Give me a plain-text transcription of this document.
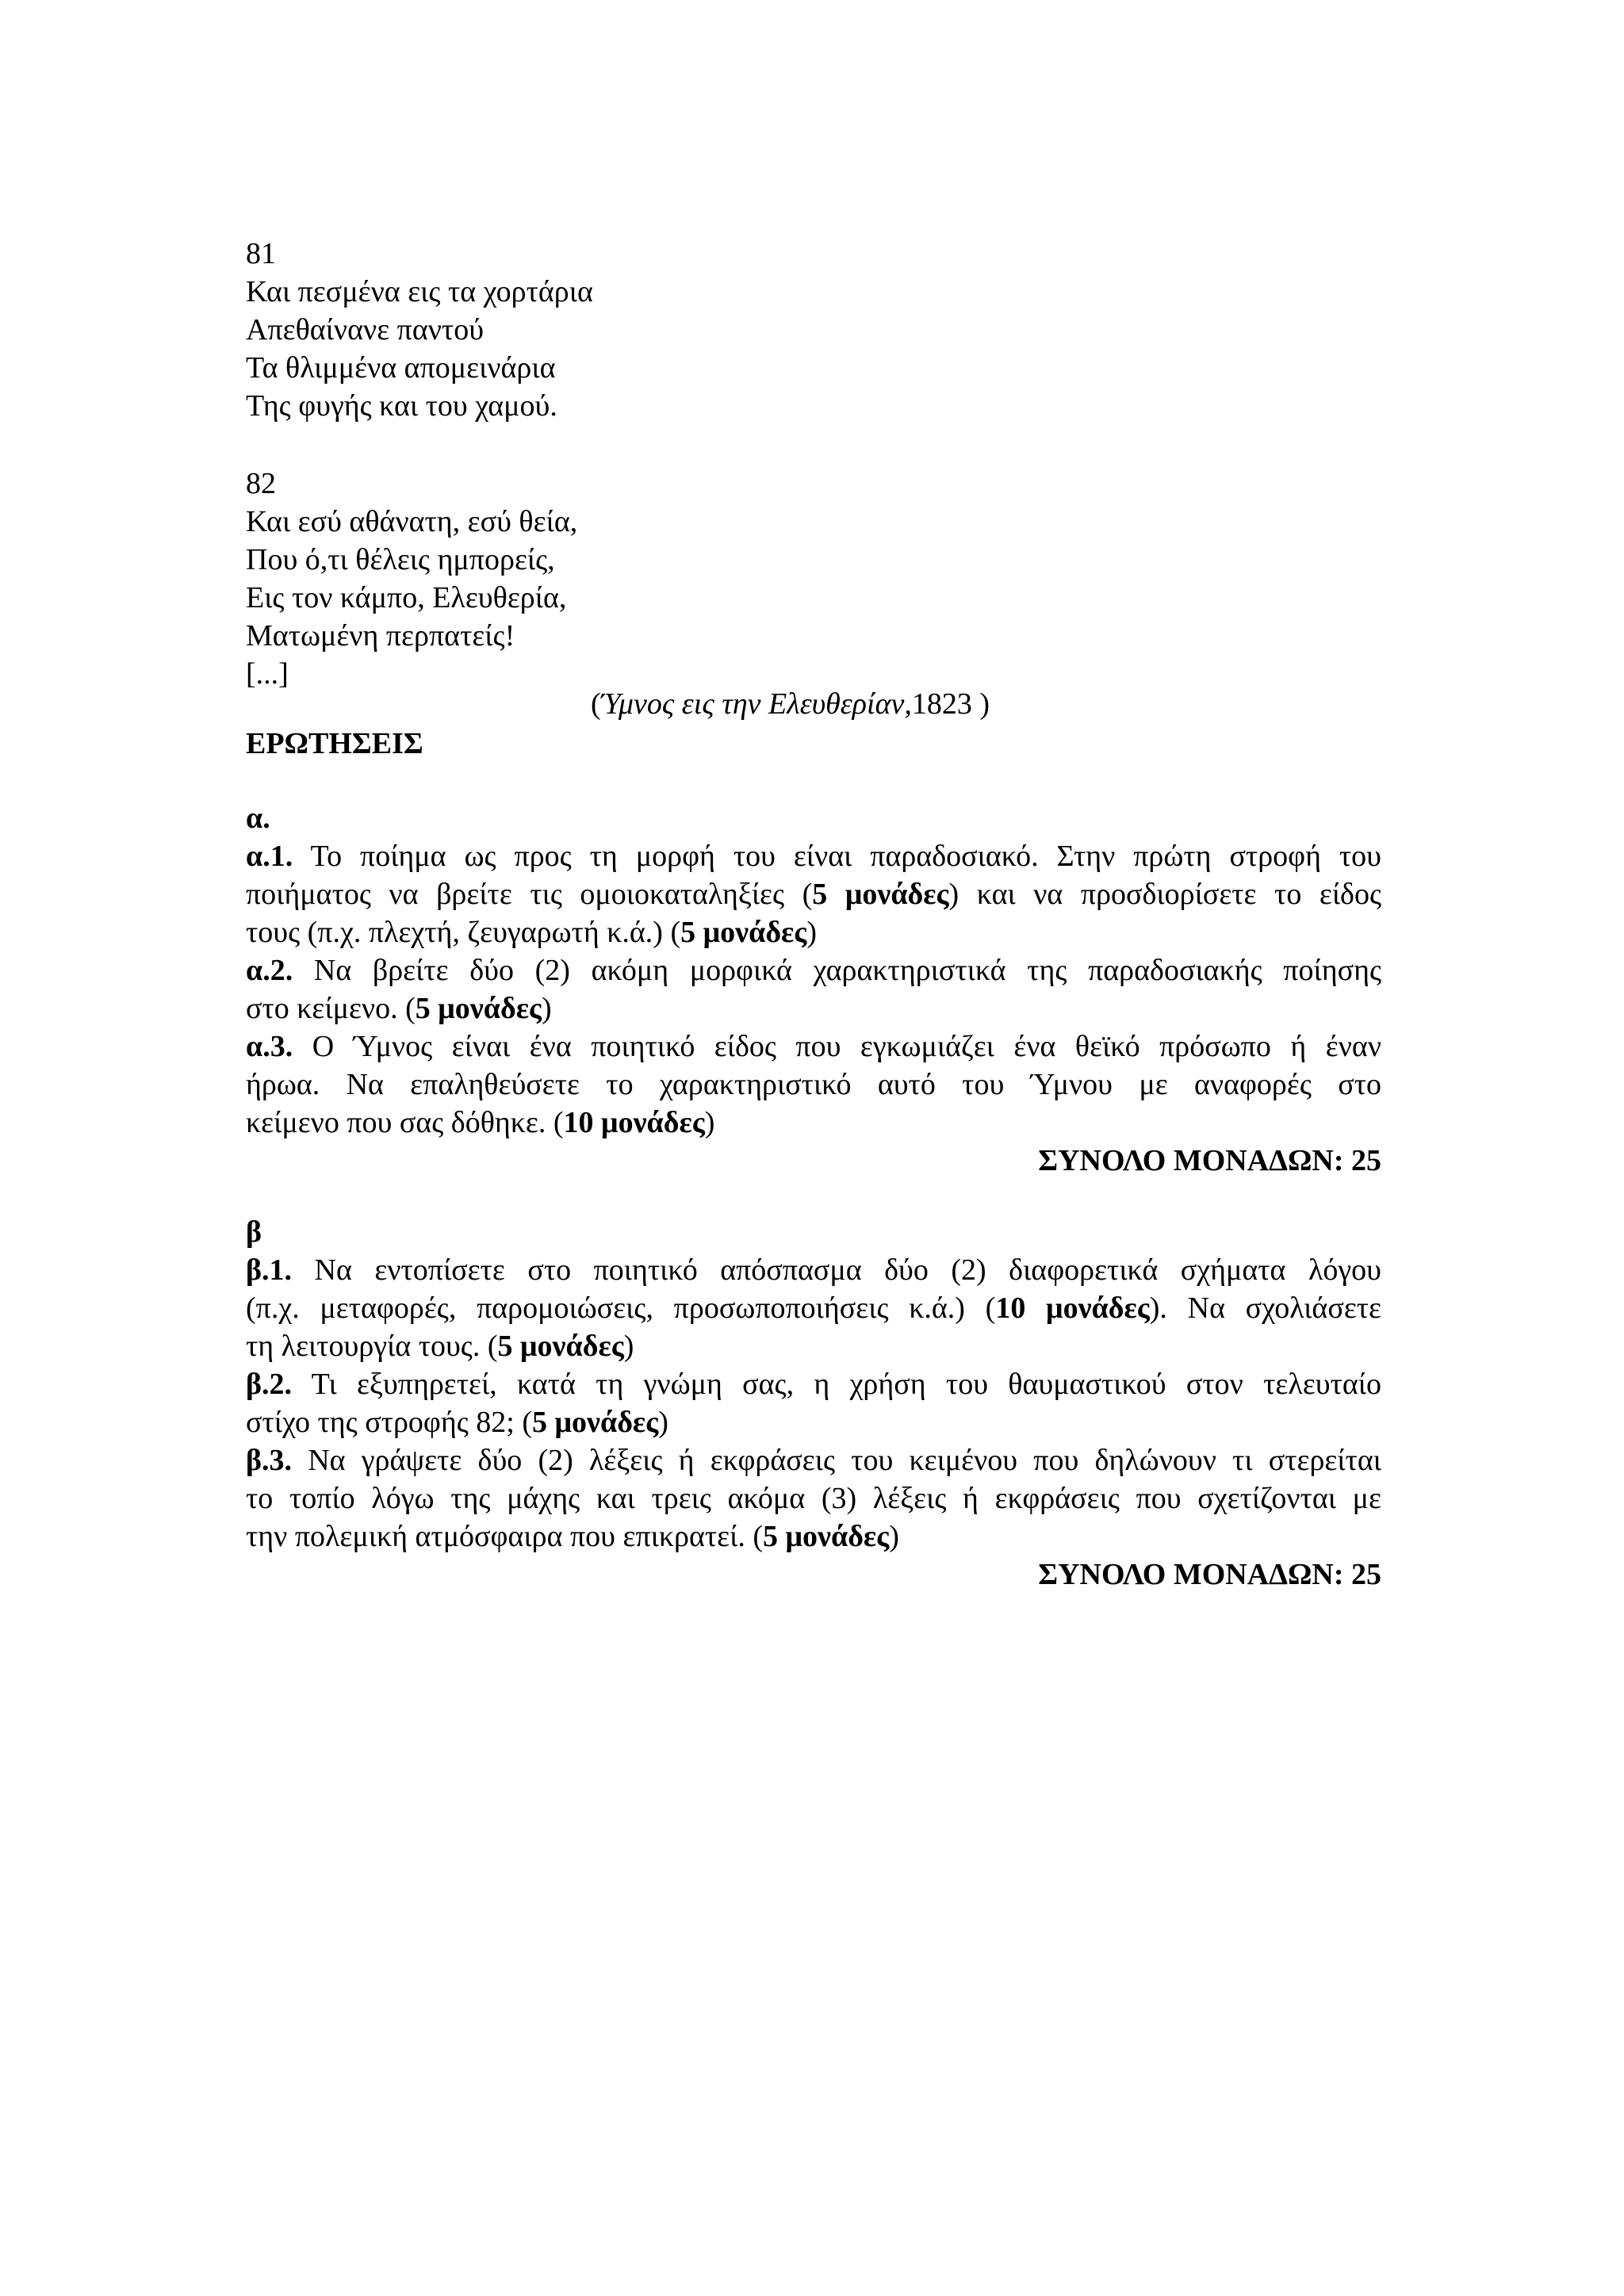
81
Και πεσμένα εις τα χορτάρια
Απεθαίνανε παντού
Τα θλιμμένα απομεινάρια
Της φυγής και του χαμού.
82
Και εσύ αθάνατη, εσύ θεία,
Που ό,τι θέλεις ημπορείς,
Εις τον κάμπο, Ελευθερία,
Ματωμένη περπατείς!
[...]
(Ύμνος εις την Ελευθερίαν,1823 )
ΕΡΩΤΗΣΕΙΣ
α.
α.1. Το ποίημα ως προς τη μορφή του είναι παραδοσιακό. Στην πρώτη στροφή του
ποιήματος να βρείτε τις ομοιοκαταληξίες (5 μονάδες) και να προσδιορίσετε το είδος
τους (π.χ. πλεχτή, ζευγαρωτή κ.ά.) (5 μονάδες)
α.2. Να βρείτε δύο (2) ακόμη μορφικά χαρακτηριστικά της παραδοσιακής ποίησης
στο κείμενο. (5 μονάδες)
α.3. Ο Ύμνος είναι ένα ποιητικό είδος που εγκωμιάζει ένα θεϊκό πρόσωπο ή έναν
ήρωα. Να επαληθεύσετε το χαρακτηριστικό αυτό του Ύμνου με αναφορές στο
κείμενο που σας δόθηκε. (10 μονάδες)
ΣΥΝΟΛΟ ΜΟΝΑΔΩΝ: 25
β
β.1. Να εντοπίσετε στο ποιητικό απόσπασμα δύο (2) διαφορετικά σχήματα λόγου
(π.χ. μεταφορές, παρομοιώσεις, προσωποποιήσεις κ.ά.) (10 μονάδες). Να σχολιάσετε
τη λειτουργία τους. (5 μονάδες)
β.2. Τι εξυπηρετεί, κατά τη γνώμη σας, η χρήση του θαυμαστικού στον τελευταίο
στίχο της στροφής 82; (5 μονάδες)
β.3. Να γράψετε δύο (2) λέξεις ή εκφράσεις του κειμένου που δηλώνουν τι στερείται
το τοπίο λόγω της μάχης και τρεις ακόμα (3) λέξεις ή εκφράσεις που σχετίζονται με
την πολεμική ατμόσφαιρα που επικρατεί. (5 μονάδες)
ΣΥΝΟΛΟ ΜΟΝΑΔΩΝ: 25
